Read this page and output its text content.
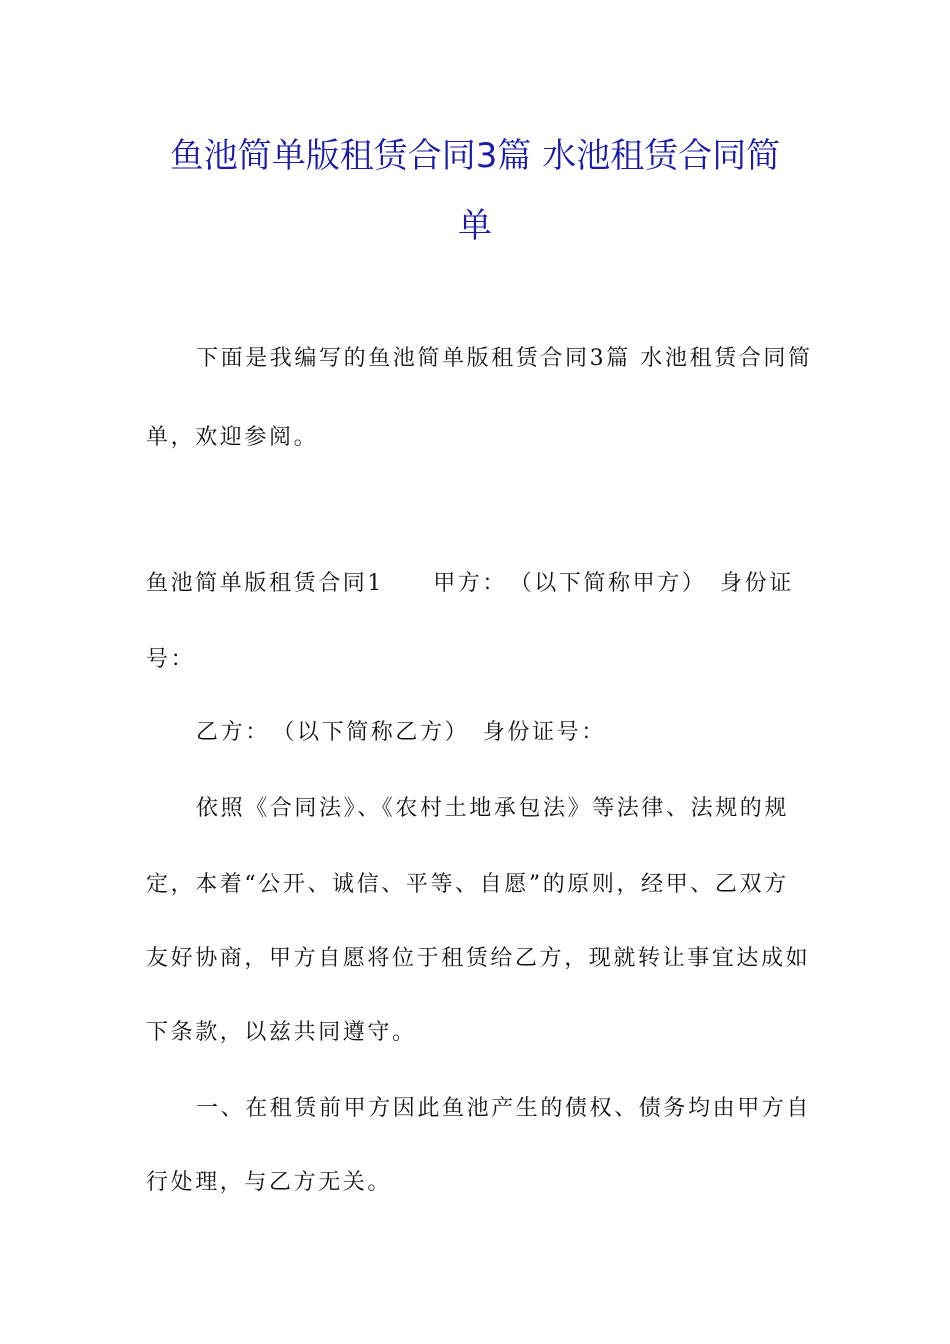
鱼池简单版租赁合同3篇 水池租赁合同简
单
下面是我编写的鱼池简单版租赁合同3篇 水池租赁合同简
单，欢迎参阅。
鱼池简单版租赁合同1　　甲方：　（以下简称甲方）　身份证
号：
乙方：　（以下简称乙方）　身份证号：
依照《合同法》、《农村土地承包法》等法律、法规的规
定，本着“公开、诚信、平等、自愿”的原则，经甲、乙双方
友好协商，甲方自愿将位于租赁给乙方，现就转让事宜达成如
下条款，以兹共同遵守。
一、在租赁前甲方因此鱼池产生的债权、债务均由甲方自
行处理，与乙方无关。
